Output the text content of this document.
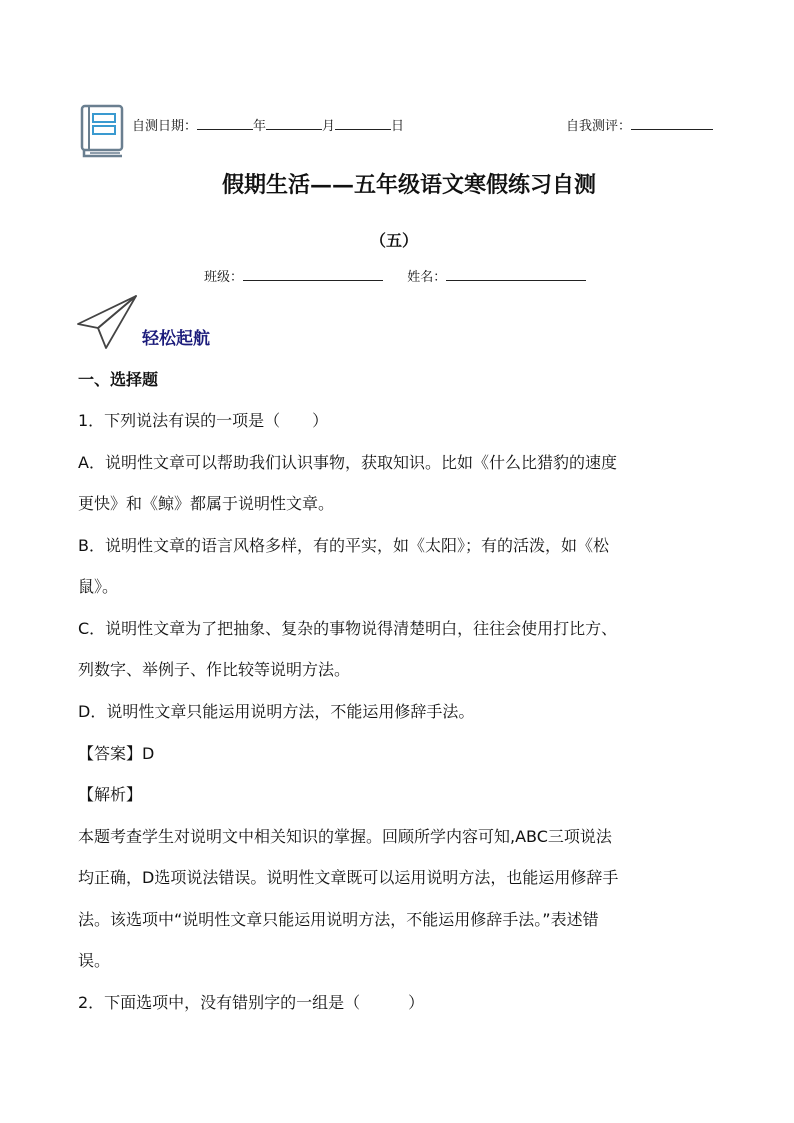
自测日期：	年	月	日	自我测评：
假期生活——五年级语文寒假练习自测
（五）
班级：	姓名：
轻松起航
一、选择题
1．下列说法有误的一项是（　　）
A．说明性文章可以帮助我们认识事物，获取知识。比如《什么比猎豹的速度
更快》和《鲸》都属于说明性文章。
B．说明性文章的语言风格多样，有的平实，如《太阳》；有的活泼，如《松
鼠》。
C．说明性文章为了把抽象、复杂的事物说得清楚明白，往往会使用打比方、
列数字、举例子、作比较等说明方法。
D．说明性文章只能运用说明方法，不能运用修辞手法。
【答案】D
【解析】
本题考查学生对说明文中相关知识的掌握。回顾所学内容可知,ABC三项说法
均正确，D选项说法错误。说明性文章既可以运用说明方法，也能运用修辞手
法。该选项中“说明性文章只能运用说明方法，不能运用修辞手法。”表述错
误。
2．下面选项中，没有错别字的一组是（　　　）
